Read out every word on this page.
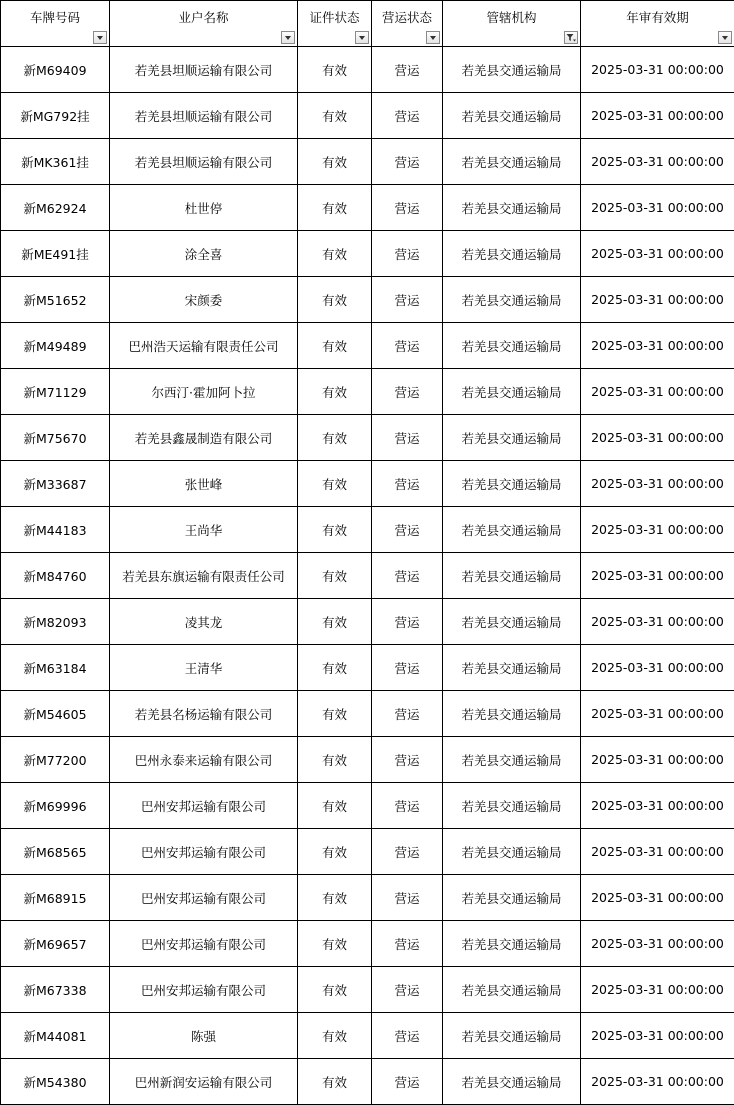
车牌号码	业户名称	证件状态	营运状态	管辖机构	年审有效期

新M69409	若羌县坦顺运输有限公司	有效	营运	若羌县交通运输局	2025-03-31 00:00:00
新MG792挂	若羌县坦顺运输有限公司	有效	营运	若羌县交通运输局	2025-03-31 00:00:00
新MK361挂	若羌县坦顺运输有限公司	有效	营运	若羌县交通运输局	2025-03-31 00:00:00
新M62924	杜世停	有效	营运	若羌县交通运输局	2025-03-31 00:00:00
新ME491挂	涂全喜	有效	营运	若羌县交通运输局	2025-03-31 00:00:00
新M51652	宋颜委	有效	营运	若羌县交通运输局	2025-03-31 00:00:00
新M49489	巴州浩天运输有限责任公司	有效	营运	若羌县交通运输局	2025-03-31 00:00:00
新M71129	尔西汀·霍加阿卜拉	有效	营运	若羌县交通运输局	2025-03-31 00:00:00
新M75670	若羌县鑫晟制造有限公司	有效	营运	若羌县交通运输局	2025-03-31 00:00:00
新M33687	张世峰	有效	营运	若羌县交通运输局	2025-03-31 00:00:00
新M44183	王尚华	有效	营运	若羌县交通运输局	2025-03-31 00:00:00
新M84760	若羌县东旗运输有限责任公司	有效	营运	若羌县交通运输局	2025-03-31 00:00:00
新M82093	凌其龙	有效	营运	若羌县交通运输局	2025-03-31 00:00:00
新M63184	王清华	有效	营运	若羌县交通运输局	2025-03-31 00:00:00
新M54605	若羌县名杨运输有限公司	有效	营运	若羌县交通运输局	2025-03-31 00:00:00
新M77200	巴州永泰来运输有限公司	有效	营运	若羌县交通运输局	2025-03-31 00:00:00
新M69996	巴州安邦运输有限公司	有效	营运	若羌县交通运输局	2025-03-31 00:00:00
新M68565	巴州安邦运输有限公司	有效	营运	若羌县交通运输局	2025-03-31 00:00:00
新M68915	巴州安邦运输有限公司	有效	营运	若羌县交通运输局	2025-03-31 00:00:00
新M69657	巴州安邦运输有限公司	有效	营运	若羌县交通运输局	2025-03-31 00:00:00
新M67338	巴州安邦运输有限公司	有效	营运	若羌县交通运输局	2025-03-31 00:00:00
新M44081	陈强	有效	营运	若羌县交通运输局	2025-03-31 00:00:00
新M54380	巴州新润安运输有限公司	有效	营运	若羌县交通运输局	2025-03-31 00:00:00
